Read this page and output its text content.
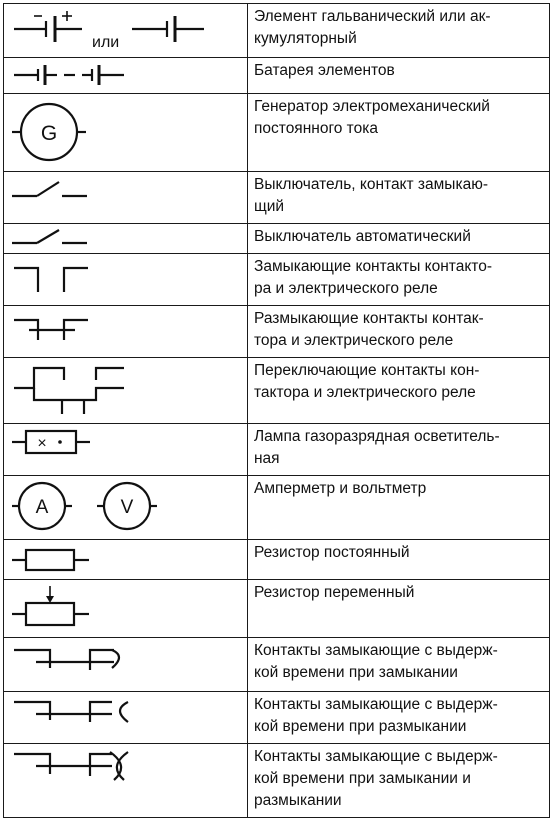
или	Элемент гальванический или ак-
кумуляторный

Батарея элементов

G	Генератор электромеханический
постоянного тока

Выключатель, контакт замыкаю-
щий

Выключатель автоматический

Замыкающие контакты контакто-
ра и электрического реле

Размыкающие контакты контак-
тора и электрического реле

Переключающие контакты кон-
тактора и электрического реле

×	Лампа газоразрядная осветитель-
ная

A V	Амперметр и вольтметр

Резистор постоянный

Резистор переменный

Контакты замыкающие с выдерж-
кой времени при замыкании

Контакты замыкающие с выдерж-
кой времени при размыкании

Контакты замыкающие с выдерж-
кой времени при замыкании и
размыкании
